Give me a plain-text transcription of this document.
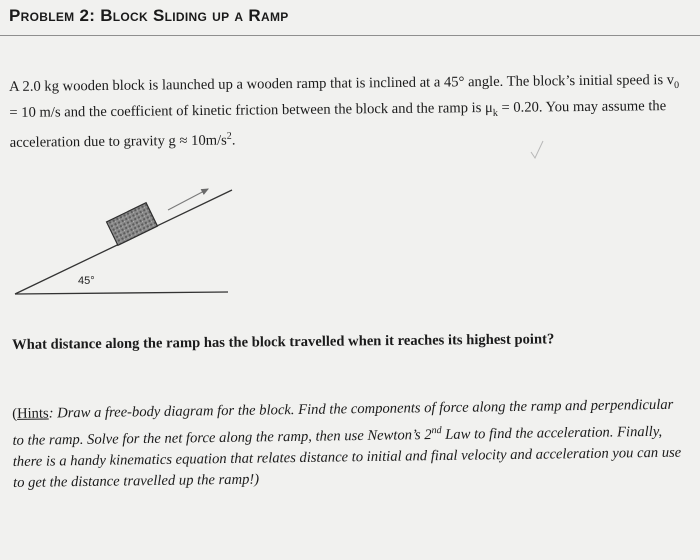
Problem 2: Block Sliding up a Ramp
A 2.0 kg wooden block is launched up a wooden ramp that is inclined at a 45° angle. The block’s initial speed is $v_0 = 10$ m/s and the coefficient of kinetic friction between the block and the ramp is $\mu_k = 0.20$. You may assume the acceleration due to gravity $g \approx 10m/s^2$.
45°
What distance along the ramp has the block travelled when it reaches its highest point?
(Hints: Draw a free-body diagram for the block. Find the components of force along the ramp and perpendicular to the ramp. Solve for the net force along the ramp, then use Newton’s 2nd Law to find the acceleration. Finally, there is a handy kinematics equation that relates distance to initial and final velocity and acceleration you can use to get the distance travelled up the ramp!)
